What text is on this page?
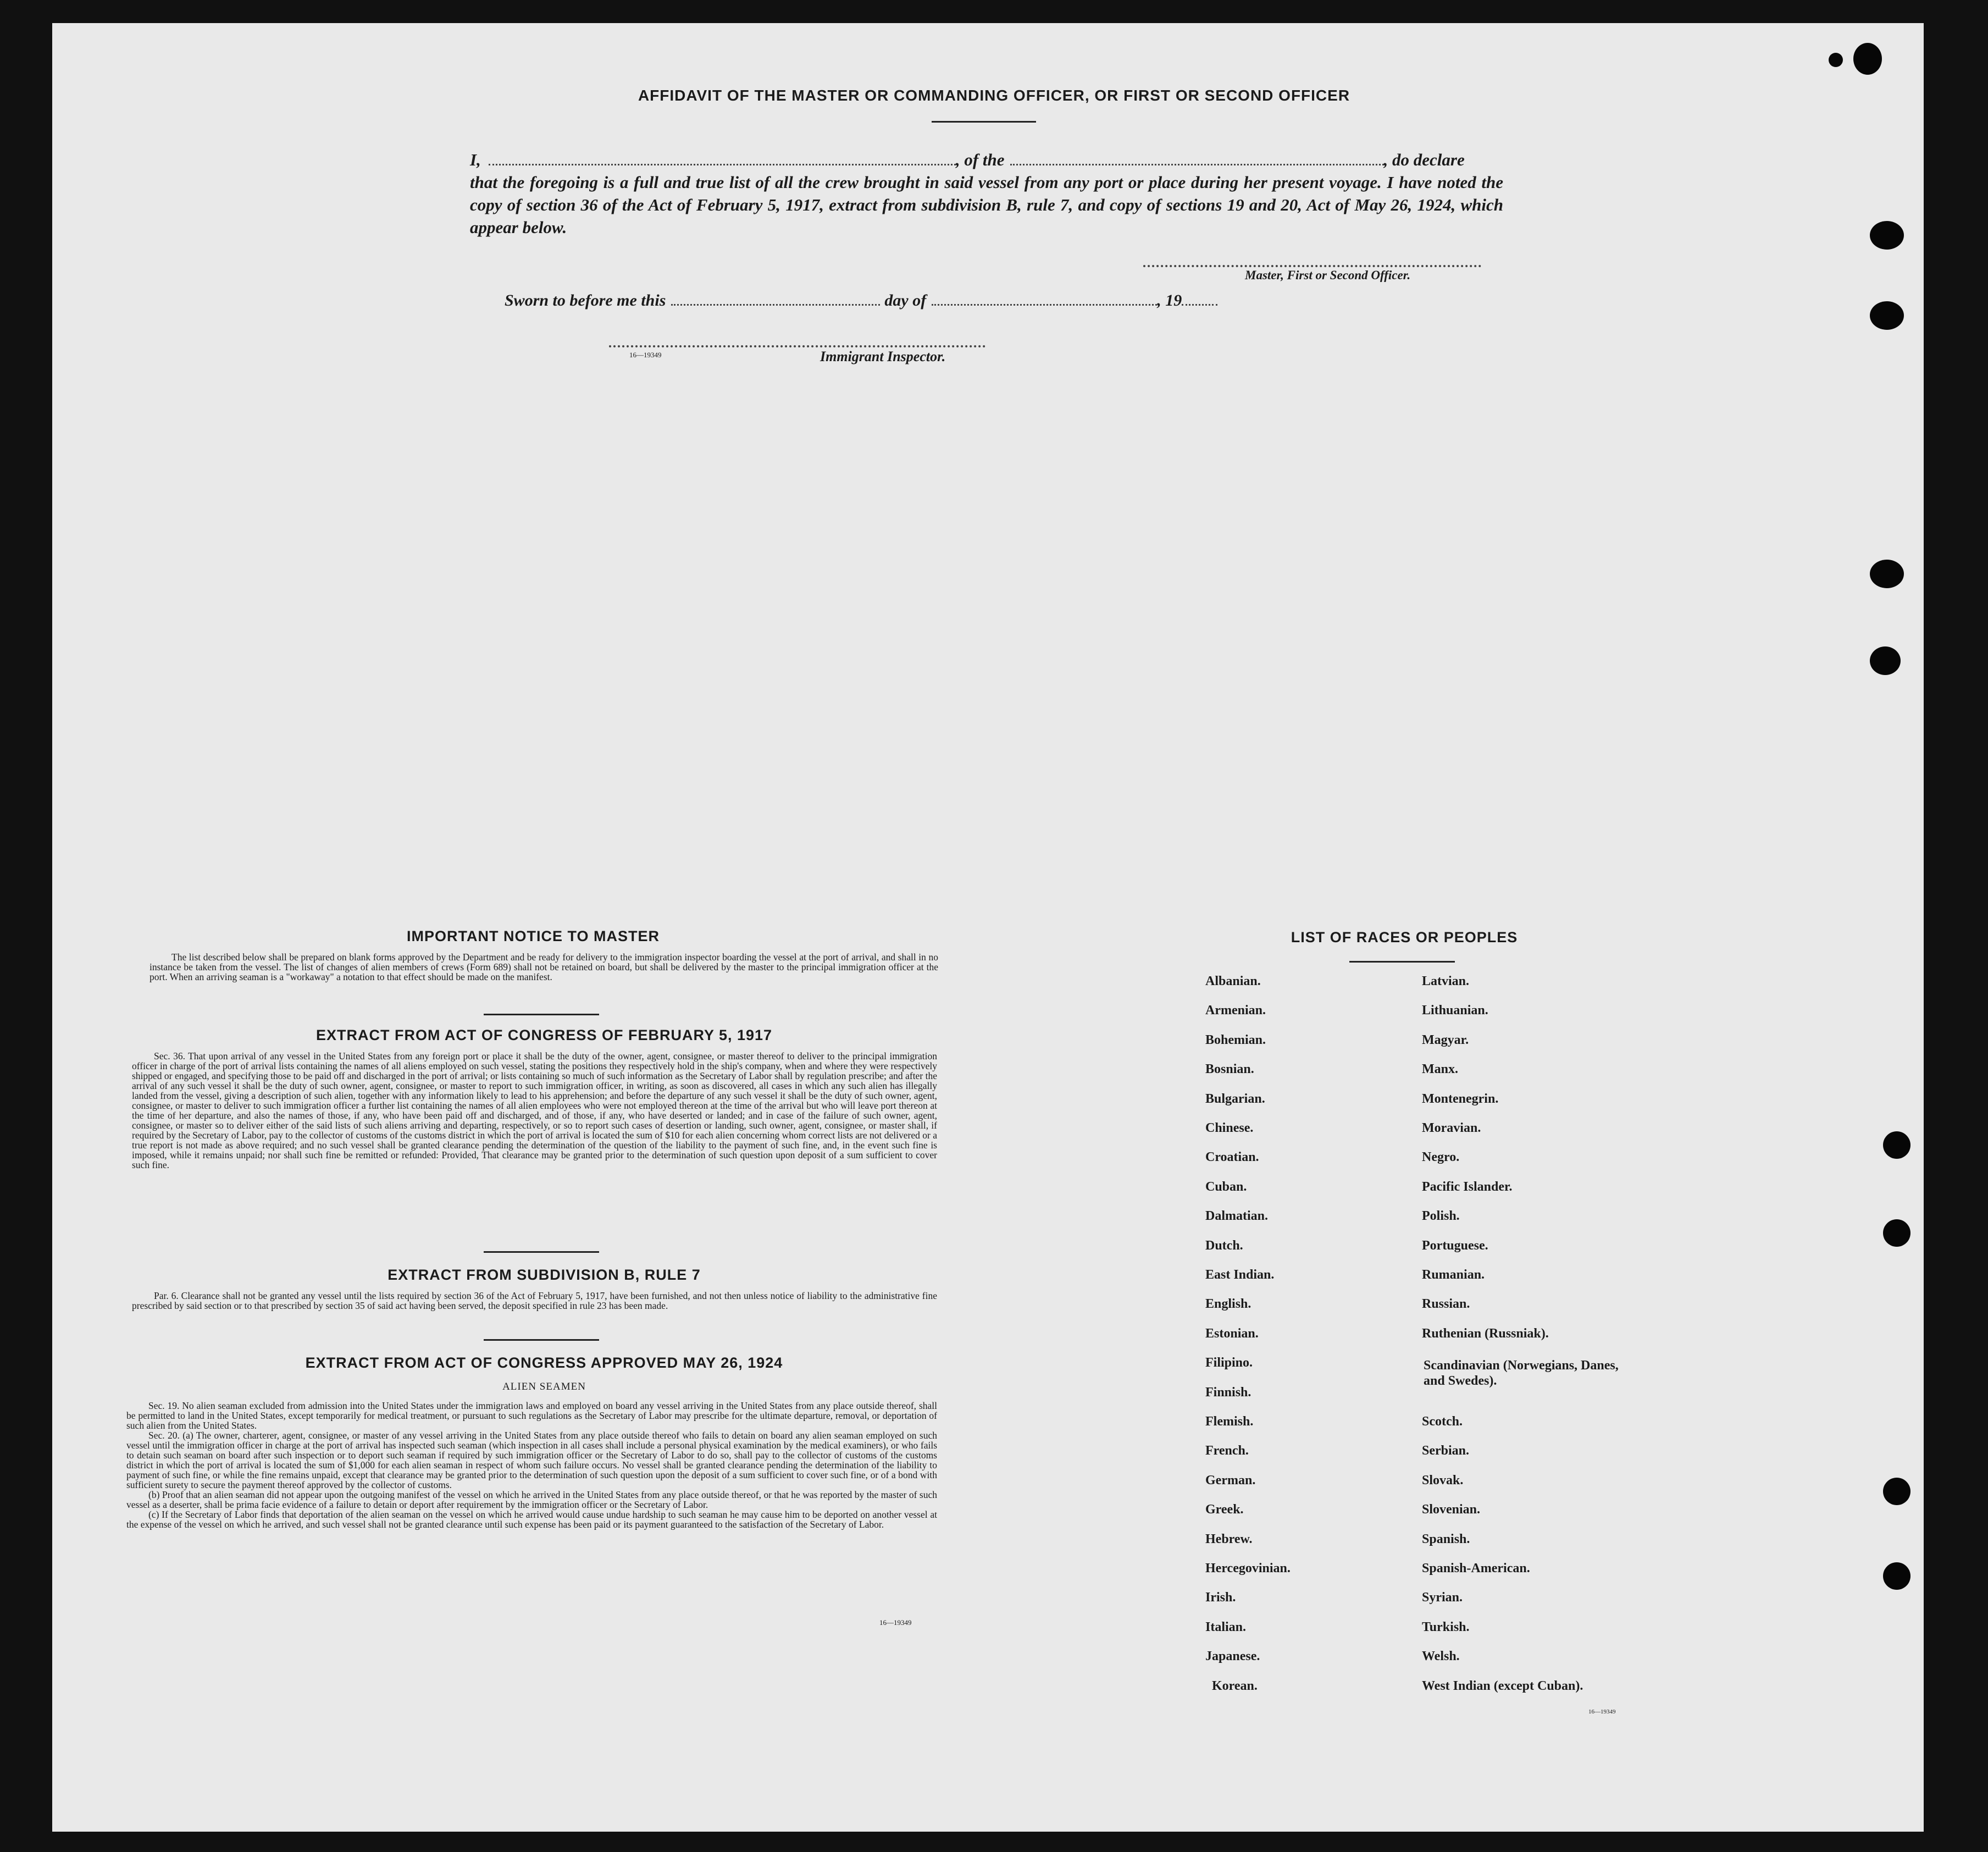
AFFIDAVIT OF THE MASTER OR COMMANDING OFFICER, OR FIRST OR SECOND OFFICER
I,	, of the	, do declare
that the foregoing is a full and true list of all the crew brought in said vessel from any port or place during her present voyage. I have noted the copy of section 36 of the Act of February 5, 1917, extract from subdivision B, rule 7, and copy of sections 19 and 20, Act of May 26, 1924, which appear below.
Master, First or Second Officer.
Sworn to before me this	day of	, 19
16—19349	Immigrant Inspector.
IMPORTANT NOTICE TO MASTER
The list described below shall be prepared on blank forms approved by the Department and be ready for delivery to the immigration inspector boarding the vessel at the port of arrival, and shall in no instance be taken from the vessel. The list of changes of alien members of crews (Form 689) shall not be retained on board, but shall be delivered by the master to the principal immigration officer at the port. When an arriving seaman is a "workaway" a notation to that effect should be made on the manifest.
EXTRACT FROM ACT OF CONGRESS OF FEBRUARY 5, 1917
Sec. 36. That upon arrival of any vessel in the United States from any foreign port or place it shall be the duty of the owner, agent, consignee, or master thereof to deliver to the principal immigration officer in charge of the port of arrival lists containing the names of all aliens employed on such vessel, stating the positions they respectively hold in the ship's company, when and where they were respectively shipped or engaged, and specifying those to be paid off and discharged in the port of arrival; or lists containing so much of such information as the Secretary of Labor shall by regulation prescribe; and after the arrival of any such vessel it shall be the duty of such owner, agent, consignee, or master to report to such immigration officer, in writing, as soon as discovered, all cases in which any such alien has illegally landed from the vessel, giving a description of such alien, together with any information likely to lead to his apprehension; and before the departure of any such vessel it shall be the duty of such owner, agent, consignee, or master to deliver to such immigration officer a further list containing the names of all alien employees who were not employed thereon at the time of the arrival but who will leave port thereon at the time of her departure, and also the names of those, if any, who have been paid off and discharged, and of those, if any, who have deserted or landed; and in case of the failure of such owner, agent, consignee, or master so to deliver either of the said lists of such aliens arriving and departing, respectively, or so to report such cases of desertion or landing, such owner, agent, consignee, or master shall, if required by the Secretary of Labor, pay to the collector of customs of the customs district in which the port of arrival is located the sum of $10 for each alien concerning whom correct lists are not delivered or a true report is not made as above required; and no such vessel shall be granted clearance pending the determination of the question of the liability to the payment of such fine, and, in the event such fine is imposed, while it remains unpaid; nor shall such fine be remitted or refunded: Provided, That clearance may be granted prior to the determination of such question upon deposit of a sum sufficient to cover such fine.
EXTRACT FROM SUBDIVISION B, RULE 7
Par. 6. Clearance shall not be granted any vessel until the lists required by section 36 of the Act of February 5, 1917, have been furnished, and not then unless notice of liability to the administrative fine prescribed by said section or to that prescribed by section 35 of said act having been served, the deposit specified in rule 23 has been made.
EXTRACT FROM ACT OF CONGRESS APPROVED MAY 26, 1924
ALIEN SEAMEN

Sec. 19. No alien seaman excluded from admission into the United States under the immigration laws and employed on board any vessel arriving in the United States from any place outside thereof, shall be permitted to land in the United States, except temporarily for medical treatment, or pursuant to such regulations as the Secretary of Labor may prescribe for the ultimate departure, removal, or deportation of such alien from the United States.

Sec. 20. (a) The owner, charterer, agent, consignee, or master of any vessel arriving in the United States from any place outside thereof who fails to detain on board any alien seaman employed on such vessel until the immigration officer in charge at the port of arrival has inspected such seaman (which inspection in all cases shall include a personal physical examination by the medical examiners), or who fails to detain such seaman on board after such inspection or to deport such seaman if required by such immigration officer or the Secretary of Labor to do so, shall pay to the collector of customs of the customs district in which the port of arrival is located the sum of $1,000 for each alien seaman in respect of whom such failure occurs. No vessel shall be granted clearance pending the determination of the liability to payment of such fine, or while the fine remains unpaid, except that clearance may be granted prior to the determination of such question upon the deposit of a sum sufficient to cover such fine, or of a bond with sufficient surety to secure the payment thereof approved by the collector of customs.

(b) Proof that an alien seaman did not appear upon the outgoing manifest of the vessel on which he arrived in the United States from any place outside thereof, or that he was reported by the master of such vessel as a deserter, shall be prima facie evidence of a failure to detain or deport after requirement by the immigration officer or the Secretary of Labor.

(c) If the Secretary of Labor finds that deportation of the alien seaman on the vessel on which he arrived would cause undue hardship to such seaman he may cause him to be deported on another vessel at the expense of the vessel on which he arrived, and such vessel shall not be granted clearance until such expense has been paid or its payment guaranteed to the satisfaction of the Secretary of Labor.

16—19349
LIST OF RACES OR PEOPLES
Albanian.
Armenian.
Bohemian.
Bosnian.
Bulgarian.
Chinese.
Croatian.
Cuban.
Dalmatian.
Dutch.
East Indian.
English.
Estonian.
Filipino.
Finnish.
Flemish.
French.
German.
Greek.
Hebrew.
Hercegovinian.
Irish.
Italian.
Japanese.
Korean.
Latvian.
Lithuanian.
Magyar.
Manx.
Montenegrin.
Moravian.
Negro.
Pacific Islander.
Polish.
Portuguese.
Rumanian.
Russian.
Ruthenian (Russniak).
Scandinavian (Norwegians, Danes, and Swedes).
Scotch.
Serbian.
Slovak.
Slovenian.
Spanish.
Spanish-American.
Syrian.
Turkish.
Welsh.
West Indian (except Cuban).
16—19349
